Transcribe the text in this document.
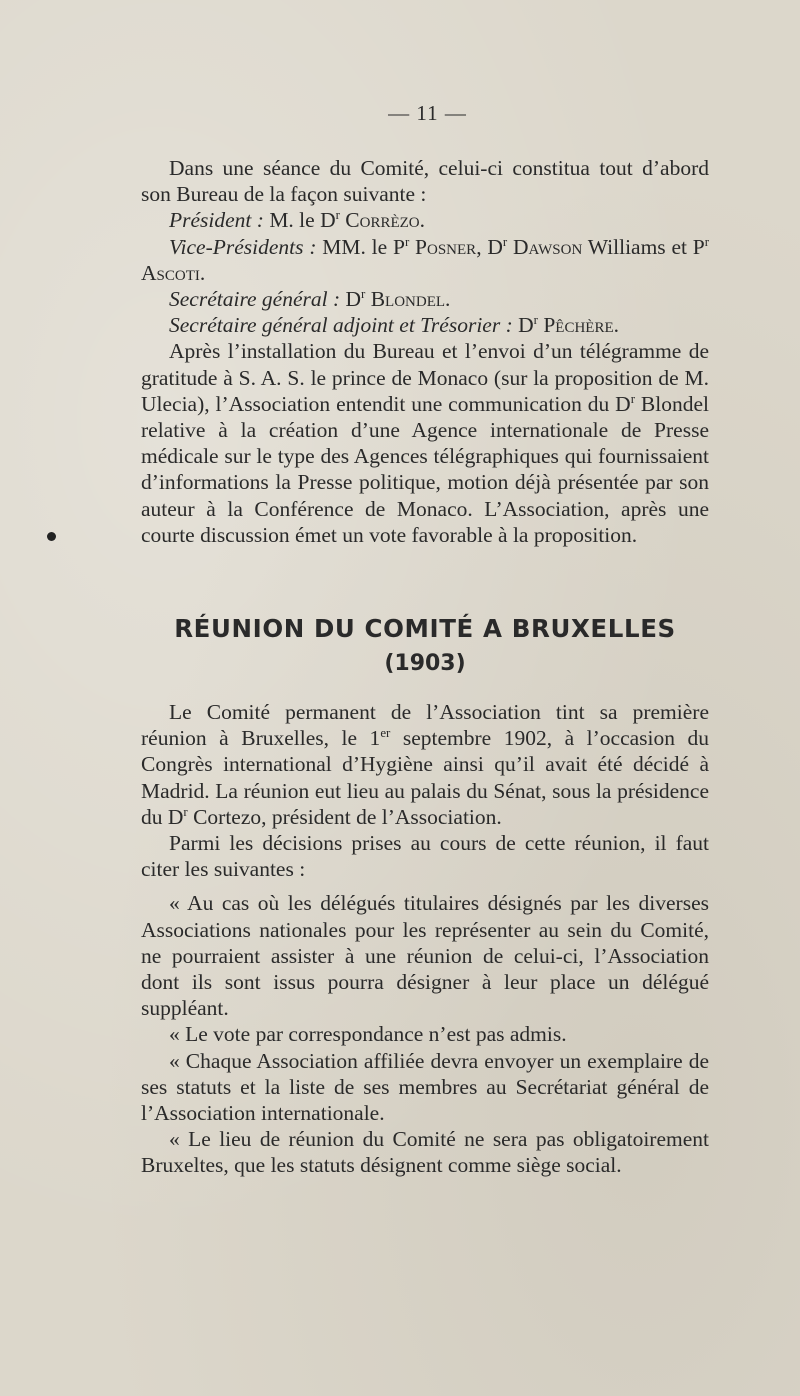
— 11 —

Dans une séance du Comité, celui-ci constitua tout d’abord son Bureau de la façon suivante :

Président : M. le $D^r$ Corrèzo.

Vice-Présidents : MM. le $P^r$ Posner, $D^r$ Dawson Williams et $P^r$ Ascoti.

Secrétaire général : $D^r$ Blondel.

Secrétaire général adjoint et Trésorier : $D^r$ Pêchère.

Après l’installation du Bureau et l’envoi d’un télégramme de gratitude à S. A. S. le prince de Monaco (sur la proposition de M. Ulecia), l’Association entendit une communication du $D^r$ Blondel relative à la création d’une Agence internationale de Presse médicale sur le type des Agences télégraphiques qui fournissaient d’informations la Presse politique, motion déjà présentée par son auteur à la Conférence de Monaco. L’Association, après une courte discussion émet un vote favorable à la proposition.

RÉUNION DU COMITÉ A BRUXELLES
(1903)

Le Comité permanent de l’Association tint sa première réunion à Bruxelles, le 1er septembre 1902, à l’occasion du Congrès international d’Hygiène ainsi qu’il avait été décidé à Madrid. La réunion eut lieu au palais du Sénat, sous la présidence du $D^r$ Cortezo, président de l’Association.

Parmi les décisions prises au cours de cette réunion, il faut citer les suivantes :

« Au cas où les délégués titulaires désignés par les diverses Associations nationales pour les représenter au sein du Comité, ne pourraient assister à une réunion de celui-ci, l’Association dont ils sont issus pourra désigner à leur place un délégué suppléant.

« Le vote par correspondance n’est pas admis.

« Chaque Association affiliée devra envoyer un exemplaire de ses statuts et la liste de ses membres au Secrétariat général de l’Association internationale.

« Le lieu de réunion du Comité ne sera pas obligatoirement Bruxeltes, que les statuts désignent comme siège social.
